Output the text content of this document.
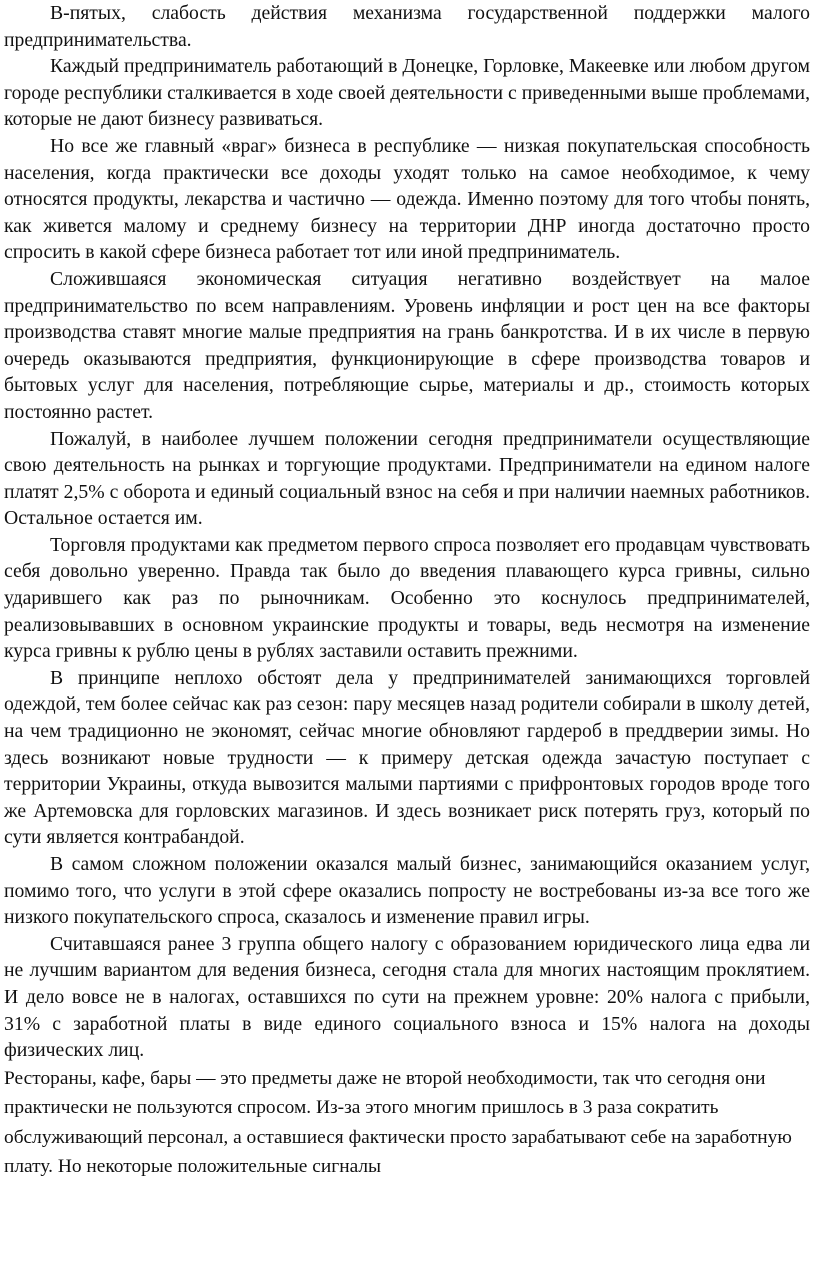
В-пятых, слабость действия механизма государственной поддержки малого предпринимательства.

Каждый предприниматель работающий в Донецке, Горловке, Макеевке или любом другом городе республики сталкивается в ходе своей деятельности с приведенными выше проблемами, которые не дают бизнесу развиваться.

Но все же главный «враг» бизнеса в республике — низкая покупательская способность населения, когда практически все доходы уходят только на самое необходимое, к чему относятся продукты, лекарства и частично — одежда. Именно поэтому для того чтобы понять, как живется малому и среднему бизнесу на территории ДНР иногда достаточно просто спросить в какой сфере бизнеса работает тот или иной предприниматель.

Сложившаяся экономическая ситуация негативно воздействует на малое предпринимательство по всем направлениям. Уровень инфляции и рост цен на все факторы производства ставят многие малые предприятия на грань банкротства. И в их числе в первую очередь оказываются предприятия, функционирующие в сфере производства товаров и бытовых услуг для населения, потребляющие сырье, материалы и др., стоимость которых постоянно растет.

Пожалуй, в наиболее лучшем положении сегодня предприниматели осуществляющие свою деятельность на рынках и торгующие продуктами. Предприниматели на едином налоге платят 2,5% с оборота и единый социальный взнос на себя и при наличии наемных работников. Остальное остается им.

Торговля продуктами как предметом первого спроса позволяет его продавцам чувствовать себя довольно уверенно. Правда так было до введения плавающего курса гривны, сильно ударившего как раз по рыночникам. Особенно это коснулось предпринимателей, реализовывавших в основном украинские продукты и товары, ведь несмотря на изменение курса гривны к рублю цены в рублях заставили оставить прежними.

В принципе неплохо обстоят дела у предпринимателей занимающихся торговлей одеждой, тем более сейчас как раз сезон: пару месяцев назад родители собирали в школу детей, на чем традиционно не экономят, сейчас многие обновляют гардероб в преддверии зимы. Но здесь возникают новые трудности — к примеру детская одежда зачастую поступает с территории Украины, откуда вывозится малыми партиями с прифронтовых городов вроде того же Артемовска для горловских магазинов. И здесь возникает риск потерять груз, который по сути является контрабандой.

В самом сложном положении оказался малый бизнес, занимающийся оказанием услуг, помимо того, что услуги в этой сфере оказались попросту не востребованы из-за все того же низкого покупательского спроса, сказалось и изменение правил игры.

Считавшаяся ранее 3 группа общего налогу с образованием юридического лица едва ли не лучшим вариантом для ведения бизнеса, сегодня стала для многих настоящим проклятием. И дело вовсе не в налогах, оставшихся по сути на прежнем уровне: 20% налога с прибыли, 31% с заработной платы в виде единого социального взноса и 15% налога на доходы физических лиц.

Рестораны, кафе, бары — это предметы даже не второй необходимости, так что сегодня они практически не пользуются спросом. Из-за этого многим пришлось в 3 раза сократить обслуживающий персонал, а оставшиеся фактически просто зарабатывают себе на заработную плату. Но некоторые положительные сигналы
